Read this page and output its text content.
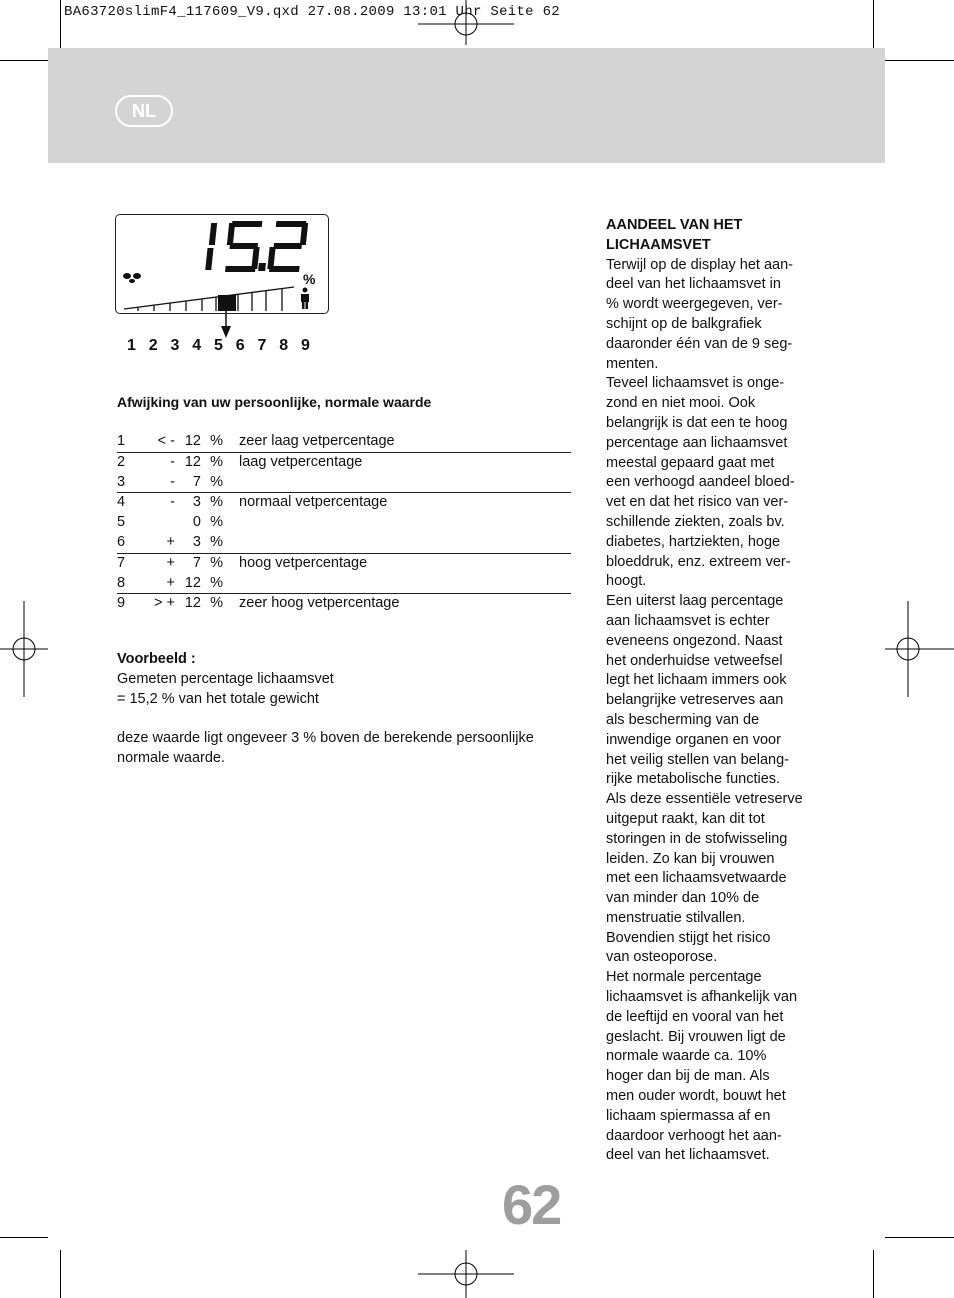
BA63720slimF4_117609_V9.qxd 27.08.2009 13:01 Uhr Seite 62
NL
%
1 2 3 4 5 6 7 8 9
Afwijking van uw persoonlijke, normale waarde
1	< -	12	%	zeer laag vetpercentage
2	-	12	%	laag vetpercentage
3	-	7	%	
4	-	3	%	normaal vetpercentage
5		0	%	
6	+	3	%	
7	+	7	%	hoog vetpercentage
8	+	12	%	
9	> +	12	%	zeer hoog vetpercentage
Voorbeeld :
Gemeten percentage lichaamsvet
= 15,2 % van het totale gewicht
deze waarde ligt ongeveer 3 % boven de berekende persoonlijke
normale waarde.
AANDEEL VAN HET
LICHAAMSVET
Terwijl op de display het aan-
deel van het lichaamsvet in
% wordt weergegeven, ver-
schijnt op de balkgrafiek
daaronder één van de 9 seg-
menten.
Teveel lichaamsvet is onge-
zond en niet mooi. Ook
belangrijk is dat een te hoog
percentage aan lichaamsvet
meestal gepaard gaat met
een verhoogd aandeel bloed-
vet en dat het risico van ver-
schillende ziekten, zoals bv.
diabetes, hartziekten, hoge
bloeddruk, enz. extreem ver-
hoogt.
Een uiterst laag percentage
aan lichaamsvet is echter
eveneens ongezond. Naast
het onderhuidse vetweefsel
legt het lichaam immers ook
belangrijke vetreserves aan
als bescherming van de
inwendige organen en voor
het veilig stellen van belang-
rijke metabolische functies.
Als deze essentiële vetreserve
uitgeput raakt, kan dit tot
storingen in de stofwisseling
leiden. Zo kan bij vrouwen
met een lichaamsvetwaarde
van minder dan 10% de
menstruatie stilvallen.
Bovendien stijgt het risico
van osteoporose.
Het normale percentage
lichaamsvet is afhankelijk van
de leeftijd en vooral van het
geslacht. Bij vrouwen ligt de
normale waarde ca. 10%
hoger dan bij de man. Als
men ouder wordt, bouwt het
lichaam spiermassa af en
daardoor verhoogt het aan-
deel van het lichaamsvet.
62
